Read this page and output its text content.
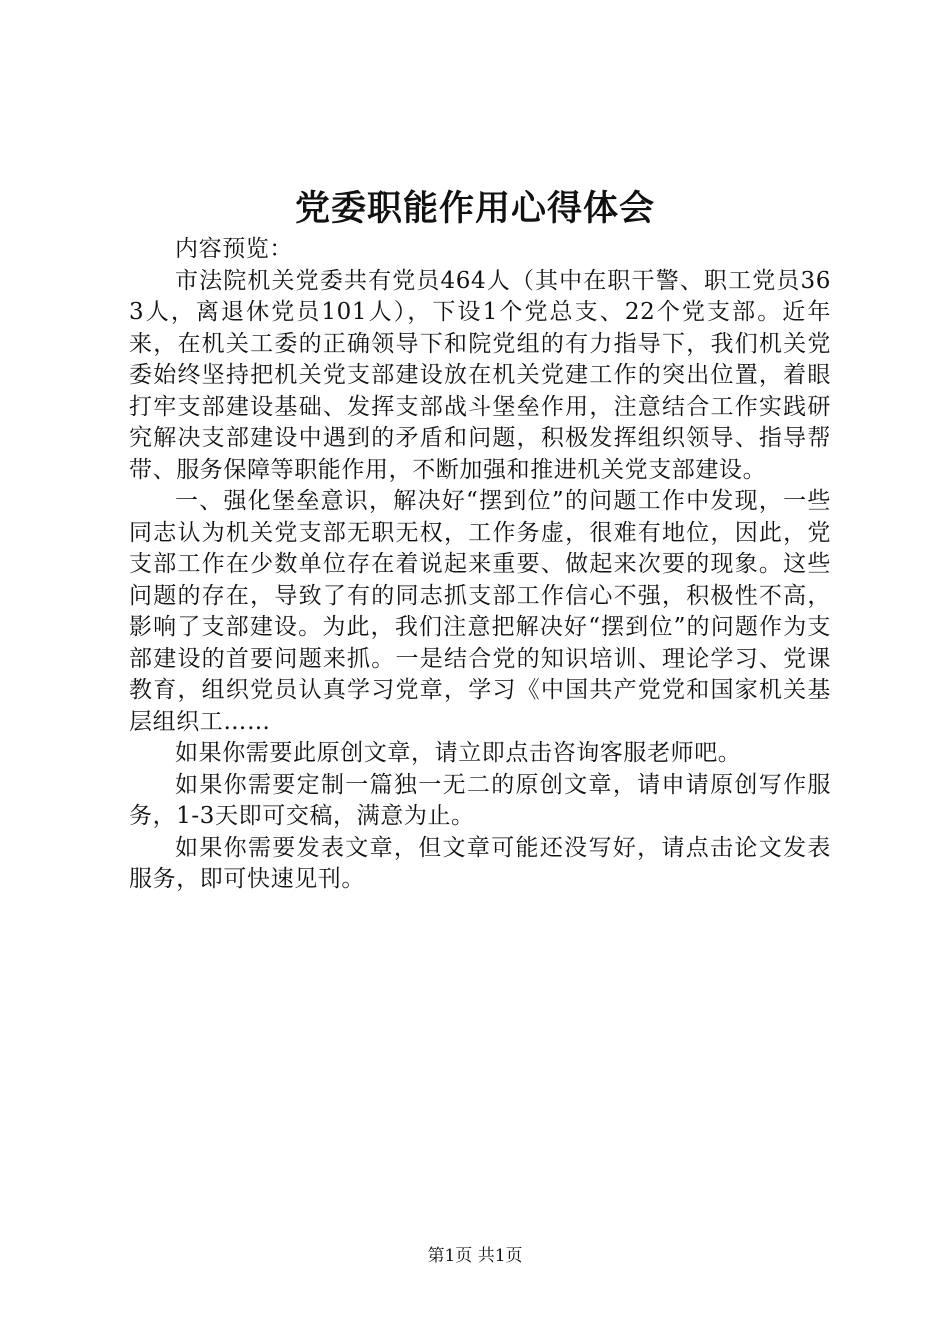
党委职能作用心得体会

内容预览：

市法院机关党委共有党员464人（其中在职干警、职工党员363人，离退休党员101人），下设1个党总支、22个党支部。近年来，在机关工委的正确领导下和院党组的有力指导下，我们机关党委始终坚持把机关党支部建设放在机关党建工作的突出位置，着眼打牢支部建设基础、发挥支部战斗堡垒作用，注意结合工作实践研究解决支部建设中遇到的矛盾和问题，积极发挥组织领导、指导帮带、服务保障等职能作用，不断加强和推进机关党支部建设。

一、强化堡垒意识，解决好“摆到位”的问题工作中发现，一些同志认为机关党支部无职无权，工作务虚，很难有地位，因此，党支部工作在少数单位存在着说起来重要、做起来次要的现象。这些问题的存在，导致了有的同志抓支部工作信心不强，积极性不高，影响了支部建设。为此，我们注意把解决好“摆到位”的问题作为支部建设的首要问题来抓。一是结合党的知识培训、理论学习、党课教育，组织党员认真学习党章，学习《中国共产党党和国家机关基层组织工……

如果你需要此原创文章，请立即点击咨询客服老师吧。

如果你需要定制一篇独一无二的原创文章，请申请原创写作服务，1-3天即可交稿，满意为止。

如果你需要发表文章，但文章可能还没写好，请点击论文发表服务，即可快速见刊。

第1页 共1页
